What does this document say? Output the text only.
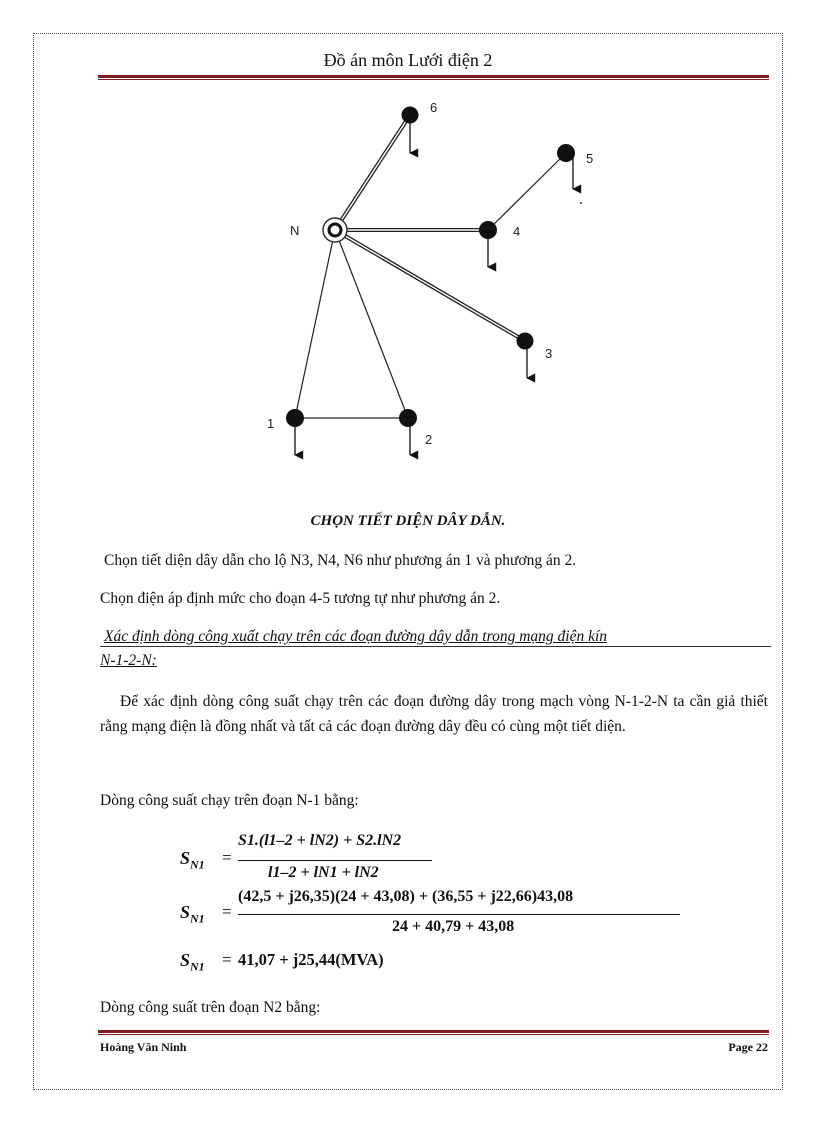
Đồ án môn Lưới điện 2
N
6
5
4
3
1
2
CHỌN TIẾT DIỆN DÂY DẪN.
Chọn tiết diện dây dẫn cho lộ N3, N4, N6 như phương án 1 và phương án 2.
Chọn điện áp định mức cho đoạn 4-5 tương tự như phương án 2.
Xác định dòng công xuất chạy trên các đoạn đường dây dẫn trong mạng điện kín
N-1-2-N:
Để xác định dòng công suất chạy trên các đoạn đường dây trong mạch vòng N-1-2-N ta cần giả thiết rằng mạng điện là đồng nhất và tất cả các đoạn đường dây đều có cùng một tiết diện.
Dòng công suất chạy trên đoạn N-1 bằng:
$S_{N1}$ =
S1.(l1–2 + lN2) + S2.lN2
l1–2 + lN1 + lN2
$S_{N1}$ =
(42,5 + j26,35)(24 + 43,08) + (36,55 + j22,66)43,08
24 + 40,79 + 43,08
$S_{N1} = 41,07 + j25,44(MVA)$
Dòng công suất trên đoạn N2 bằng:
Hoàng Văn Ninh	Page 22
